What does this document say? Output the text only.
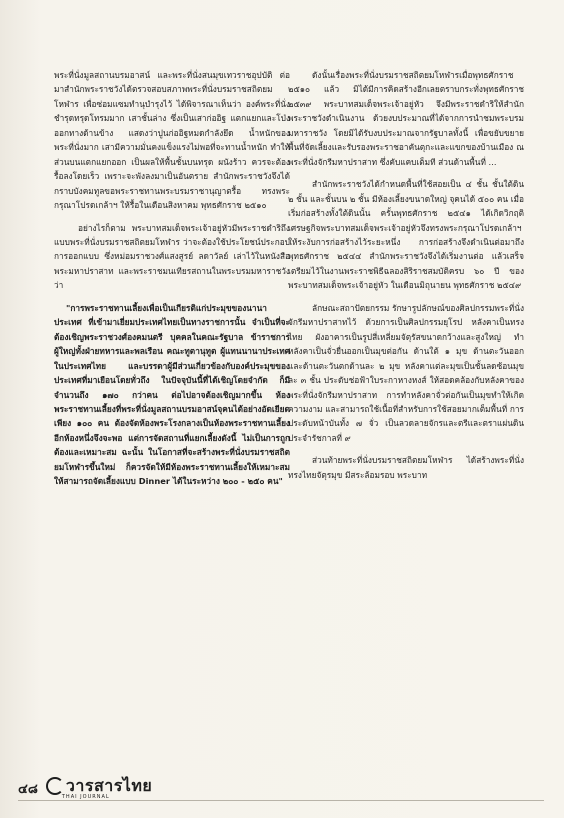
พระที่นั่งมูลสถานบรมอาสน์ และพระที่นั่งสนมุขเทวราชอุปบัติ ต่อมาสำนักพระราชวังได้ตรวจสอบสภาพพระที่นั่งบรมราชสถิตยมโหฬาร เพื่อซ่อมแซมทำนุบำรุงไว้ ได้พิจารณาเห็นว่า องค์พระที่นั่งชำรุดทรุดโทรมมาก เสาชั้นล่าง ซึ่งเป็นเสาก่ออิฐ แตกแยกและโป่งออกทางด้านข้าง แสดงว่าปูนก่ออิฐหมดกำลังยึด น้ำหนักของพระที่นั่งมาก เสามีความมั่นคงแข็งแรงไม่พอที่จะทานน้ำหนัก ทำให้ส่วนบนแตกแยกออก เป็นผลให้พื้นชั้นบนทรุด ผนังร้าว ควรจะต้องรื้อลงโดยเร็ว เพราะจะพังลงมาเป็นอันตราย สำนักพระราชวังจึงได้กราบบังคมทูลขอพระราชทานพระบรมราชานุญาตรื้อ ทรงพระกรุณาโปรดเกล้าฯ ให้รื้อในเดือนสิงหาคม พุทธศักราช ๒๕๑๐

อย่างไรก็ตาม พระบาทสมเด็จพระเจ้าอยู่หัวมีพระราชดำริถึงแบบพระที่นั่งบรมราชสถิตยมโหฬาร ว่าจะต้องใช้ประโยชน์ประกอบการออกแบบ ซึ่งหม่อมราชวงศ์แสงสูรย์ ลดาวัลย์ เล่าไว้ในหนังสือพระมหาปราสาท และพระราชมนเทียรสถานในพระบรมมหาราชวัง ว่า

"การพระราชทานเลี้ยงเพื่อเป็นเกียรติแก่ประมุขของนานาประเทศ ที่เข้ามาเยี่ยมประเทศไทยเป็นทางราชการนั้น จำเป็นที่จะต้องเชิญพระราชวงศ์องคมนตรี บุคคลในคณะรัฐบาล ข้าราชการผู้ใหญ่ทั้งฝ่ายทหารและพลเรือน คณะทูตานุทูต ผู้แทนนานาประเทศในประเทศไทย และบรรดาผู้มีส่วนเกี่ยวข้องกับองค์ประมุขของประเทศที่มาเยือนโดยทั่วถึง ในปัจจุบันนี้ที่ได้เชิญโดยจำกัด ก็มีจำนวนถึง ๑๗๐ กว่าคน ต่อไปอาจต้องเชิญมากขึ้น ห้องพระราชทานเลี้ยงที่พระที่นั่งมูลสถานบรมอาสน์จุคนได้อย่างอัดเยียดเพียง ๑๐๐ คน ต้องจัดห้องพระโรงกลางเป็นห้องพระราชทานเลี้ยงอีกห้องหนึ่งจึงจะพอ แต่การจัดสถานที่แยกเลี้ยงดังนี้ ไม่เป็นการถูกต้องและเหมาะสม ฉะนั้น ในโอกาสที่จะสร้างพระที่นั่งบรมราชสถิตยมโหฬารขึ้นใหม่ ก็ควรจัดให้มีห้องพระราชทานเลี้ยงให้เหมาะสม ให้สามารถจัดเลี้ยงแบบ Dinner ได้ในระหว่าง ๒๐๐ - ๒๕๐ คน"

ดังนั้นเรื่องพระที่นั่งบรมราชสถิตยมโหฬารเมื่อพุทธศักราช ๒๕๑๐ แล้ว มิได้มีการคิดสร้างอีกเลยตราบกระทั่งพุทธศักราช ๒๕๓๙ พระบาทสมเด็จพระเจ้าอยู่หัว จึงมีพระราชดำริให้สำนักพระราชวังดำเนินงาน ด้วยงบประมาณที่ได้จากการนำชมพระบรมมหาราชวัง โดยมิได้รับงบประมาณจากรัฐบาลทั้งนี้ เพื่อขยับขยายพื้นที่จัดเลี้ยงและรับรองพระราชอาคันตุกะและแขกของบ้านเมือง ณ พระที่นั่งจักรีมหาปราสาท ซึ่งคับแคบเต็มที ส่วนด้านพื้นที่ ...

สำนักพระราชวังได้กำหนดพื้นที่ใช้สอยเป็น ๔ ชั้น ชั้นใต้ดิน ๒ ชั้น และชั้นบน ๒ ชั้น มีห้องเลี้ยงขนาดใหญ่ จุคนได้ ๕๐๐ คน เมื่อเริ่มก่อสร้างทั้งใต้ดินนั้น ครั้นพุทธศักราช ๒๕๔๑ ได้เกิดวิกฤติเศรษฐกิจพระบาทสมเด็จพระเจ้าอยู่หัวจึงทรงพระกรุณาโปรดเกล้าฯ ให้ระงับการก่อสร้างไว้ระยะหนึ่ง การก่อสร้างจึงดำเนินต่อมาถึงพุทธศักราช ๒๕๔๔ สำนักพระราชวังจึงได้เริ่มงานต่อ แล้วเสร็จเตรียมไว้ในงานพระราชพิธีฉลองสิริราชสมบัติครบ ๖๐ ปี ของพระบาทสมเด็จพระเจ้าอยู่หัว ในเดือนมิถุนายน พุทธศักราช ๒๕๔๙

ลักษณะสถาปัตยกรรม รักษารูปลักษณ์ของศิลปกรรมพระที่นั่งจักรีมหาปราสาทไว้ ด้วยการเป็นศิลปกรรมยุโรป หลังคาเป็นทรงไทย ผังอาคารเป็นรูปสี่เหลี่ยมจัตุรัสขนาดกว้างและสูงใหญ่ ทำหลังคาเป็นจั่วยื่นออกเป็นมุขต่อกัน ด้านใต้ ๑ มุข ด้านตะวันออกและด้านตะวันตกด้านละ ๒ มุข หลังคาแต่ละมุขเป็นชั้นลดซ้อนมุขละ ๓ ชั้น ประดับช่อฟ้าใบระกาหางหงส์ ให้สอดคล้องกับหลังคาของพระที่นั่งจักรีมหาปราสาท การทำหลังคาจั่วต่อกันเป็นมุขทำให้เกิดความงาม และสามารถใช้เนื้อที่สำหรับการใช้สอยมากเต็มพื้นที่ การประดับหน้าบันทั้ง ๗ จั่ว เป็นลวดลายจักรและตรีและตราแผ่นดินประจำรัชกาลที่ ๙

ส่วนท้ายพระที่นั่งบรมราชสถิตยมโหฬาร ได้สร้างพระที่นั่งทรงไทยจัตุรมุข มีสระล้อมรอบ พระบาท

๔๘ วารสารไทย
THAI JOURNAL
